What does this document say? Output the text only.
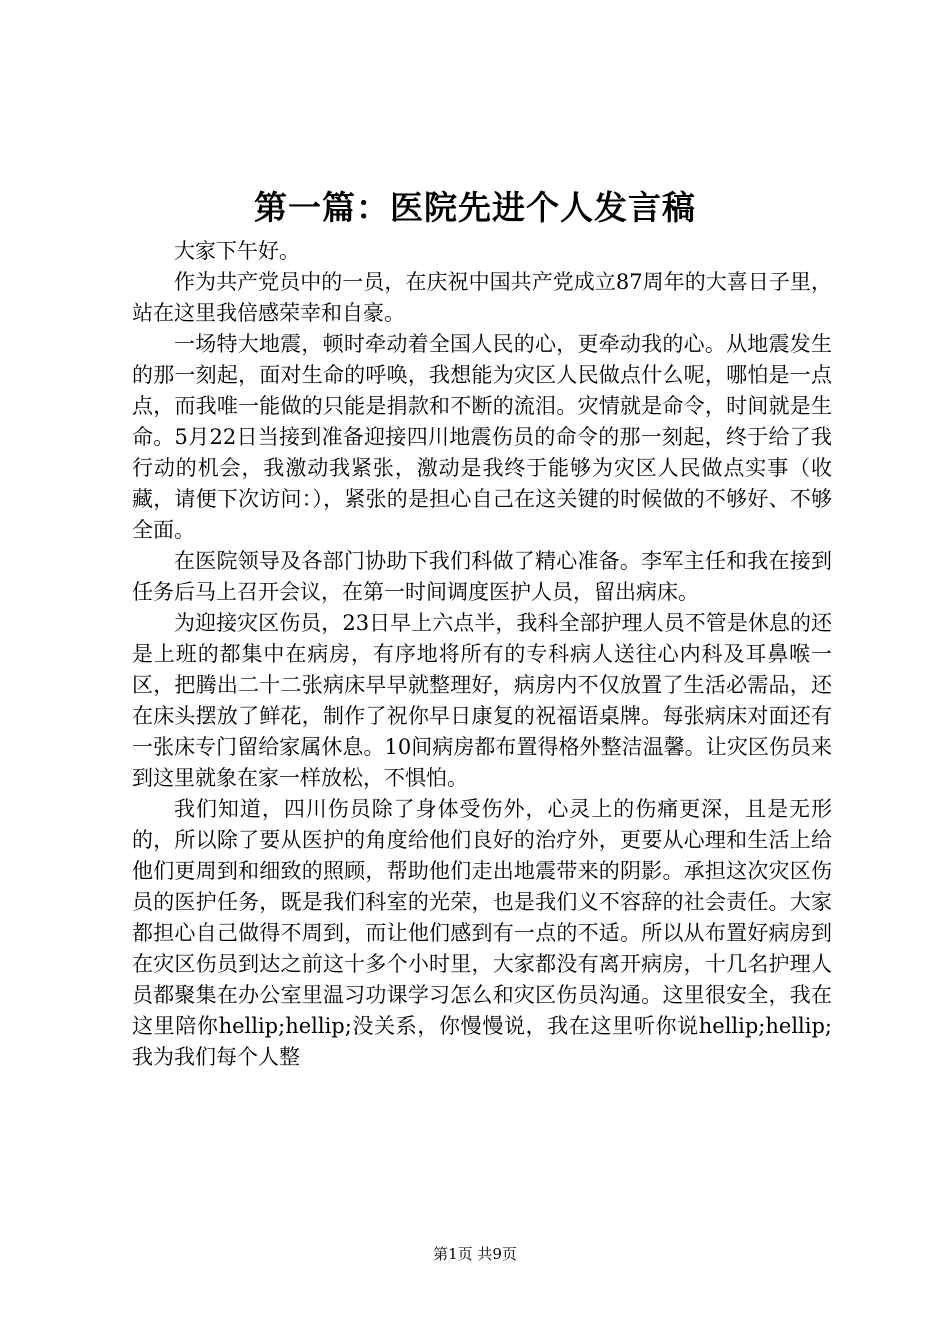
第一篇：医院先进个人发言稿

大家下午好。

作为共产党员中的一员，在庆祝中国共产党成立87周年的大喜日子里，站在这里我倍感荣幸和自豪。

一场特大地震，顿时牵动着全国人民的心，更牵动我的心。从地震发生的那一刻起，面对生命的呼唤，我想能为灾区人民做点什么呢，哪怕是一点点，而我唯一能做的只能是捐款和不断的流泪。灾情就是命令，时间就是生命。5月22日当接到准备迎接四川地震伤员的命令的那一刻起，终于给了我行动的机会，我激动我紧张，激动是我终于能够为灾区人民做点实事（收藏，请便下次访问：），紧张的是担心自己在这关键的时候做的不够好、不够全面。

在医院领导及各部门协助下我们科做了精心准备。李军主任和我在接到任务后马上召开会议，在第一时间调度医护人员，留出病床。

为迎接灾区伤员，23日早上六点半，我科全部护理人员不管是休息的还是上班的都集中在病房，有序地将所有的专科病人送往心内科及耳鼻喉一区，把腾出二十二张病床早早就整理好，病房内不仅放置了生活必需品，还在床头摆放了鲜花，制作了祝你早日康复的祝福语桌牌。每张病床对面还有一张床专门留给家属休息。10间病房都布置得格外整洁温馨。让灾区伤员来到这里就象在家一样放松，不惧怕。

我们知道，四川伤员除了身体受伤外，心灵上的伤痛更深，且是无形的，所以除了要从医护的角度给他们良好的治疗外，更要从心理和生活上给他们更周到和细致的照顾，帮助他们走出地震带来的阴影。承担这次灾区伤员的医护任务，既是我们科室的光荣，也是我们义不容辞的社会责任。大家都担心自己做得不周到，而让他们感到有一点的不适。所以从布置好病房到在灾区伤员到达之前这十多个小时里，大家都没有离开病房，十几名护理人员都聚集在办公室里温习功课学习怎么和灾区伤员沟通。这里很安全，我在这里陪你hellip;hellip;没关系，你慢慢说，我在这里听你说hellip;hellip;我为我们每个人整

第1页 共9页
